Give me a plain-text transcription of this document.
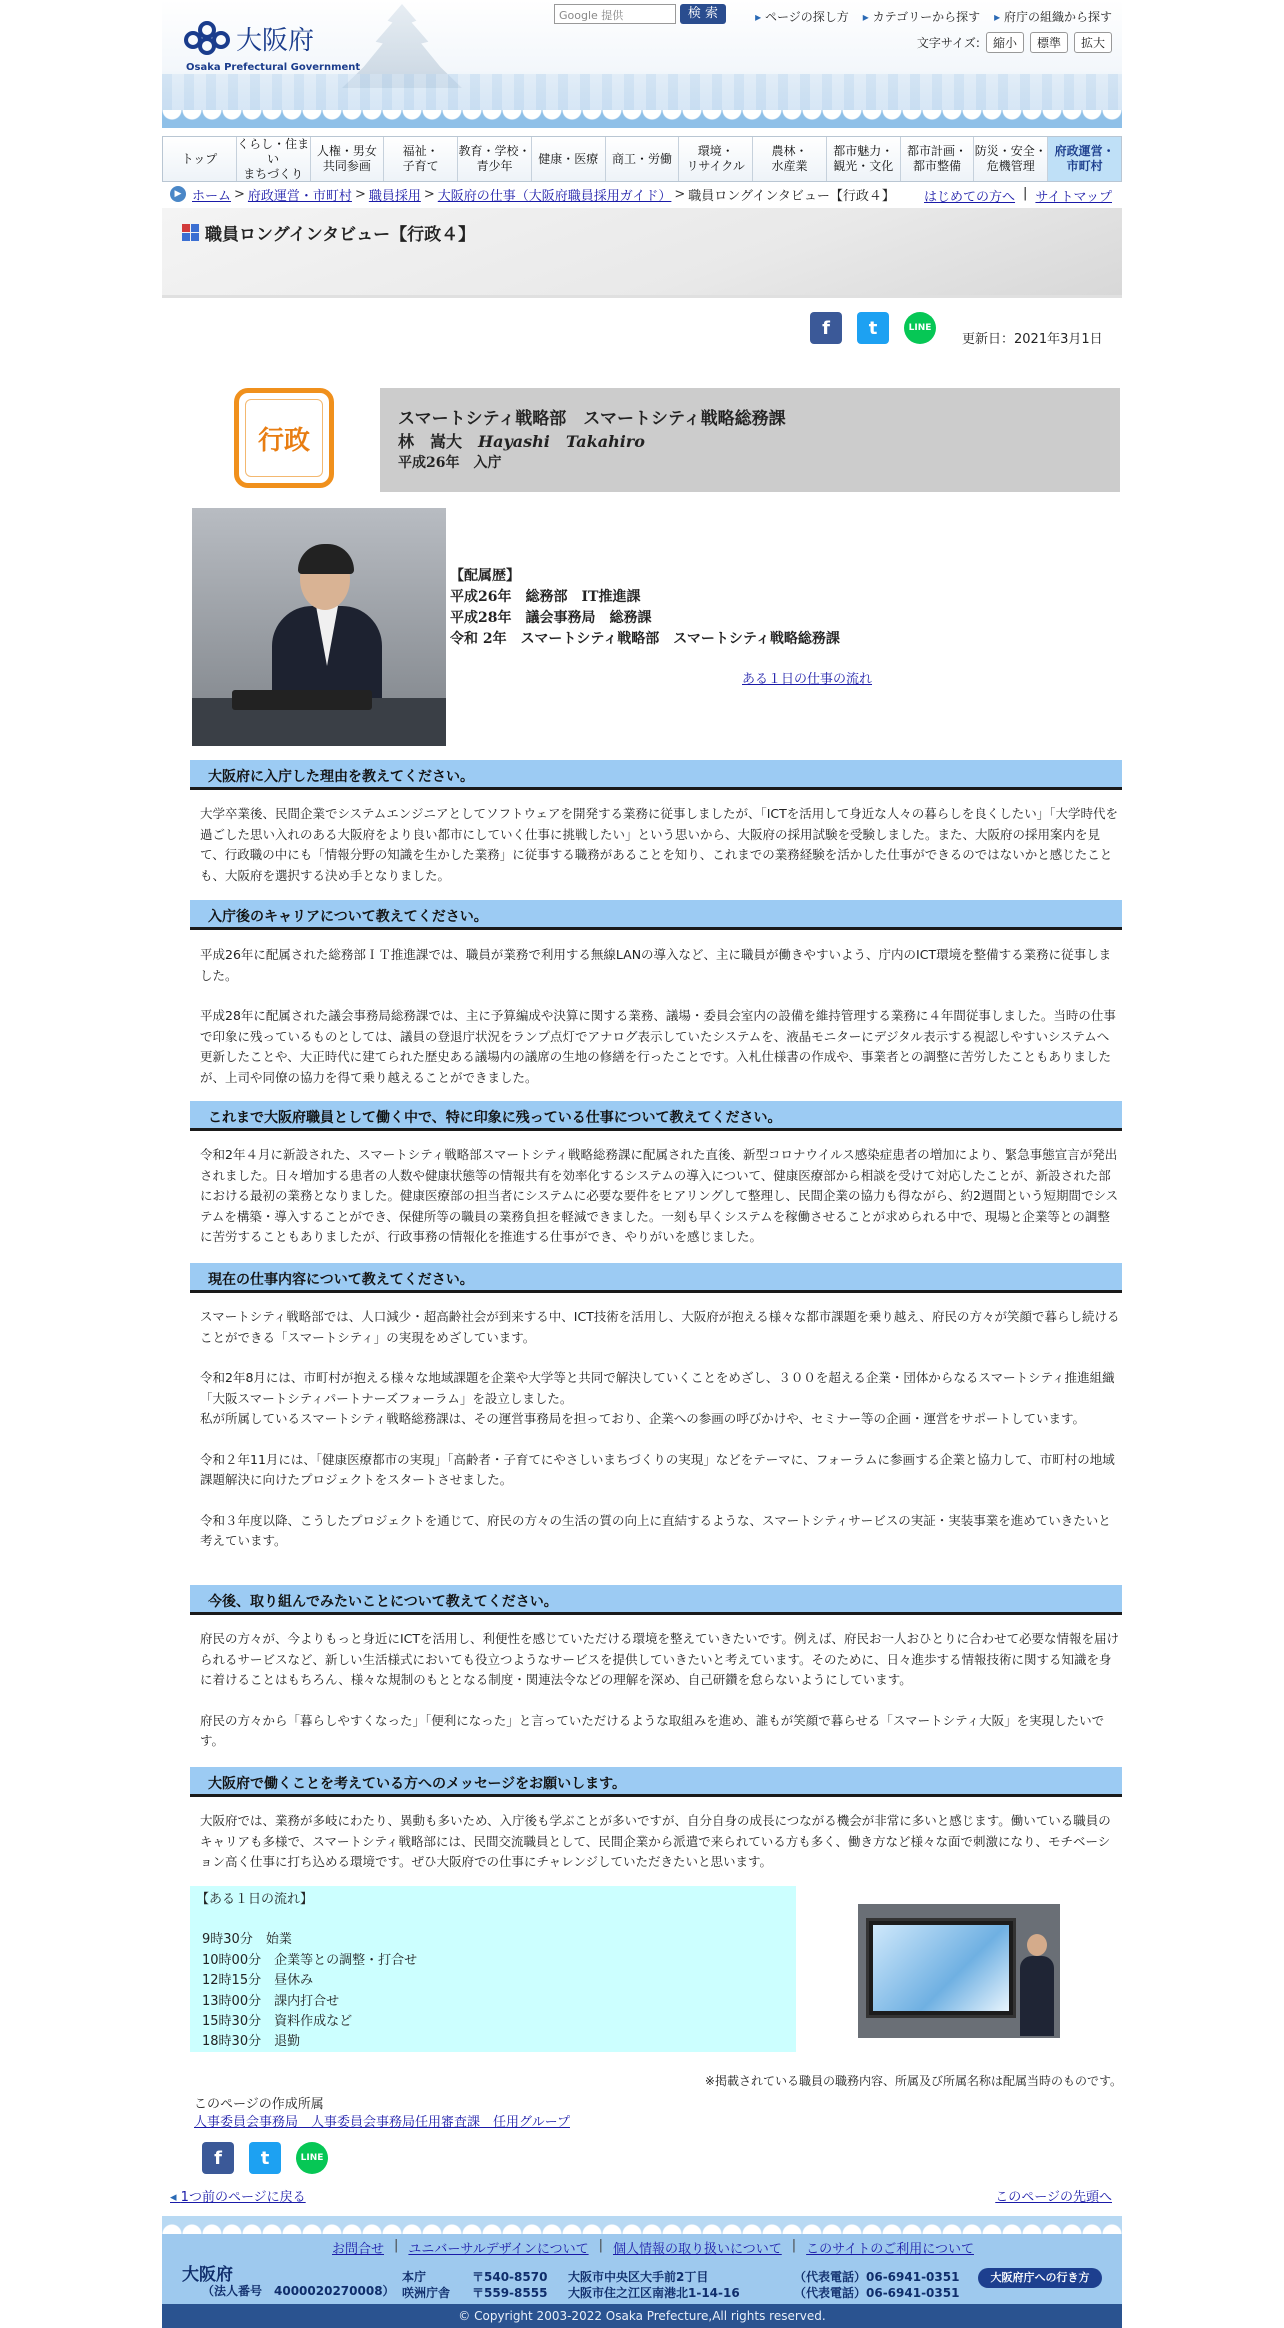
大阪府
Osaka Prefectural Government
Google 提供	検 索	▸ ページの探し方	▸ カテゴリーから探す	▸ 府庁の組織から探す
文字サイズ:	縮小	標準	拡大
トップ
くらし・住まい
まちづくり
人権・男女
共同参画
福祉・
子育て
教育・学校・
青少年
健康・医療	商工・労働
環境・
リサイクル
農林・
水産業
都市魅力・
観光・文化
都市計画・
都市整備
防災・安全・
危機管理
府政運営・
市町村
▶ ホーム > 府政運営・市町村 > 職員採用 > 大阪府の仕事（大阪府職員採用ガイド） > 職員ロングインタビュー【行政４】 はじめての方へ | サイトマップ
職員ロングインタビュー【行政４】
f	t	LINE
更新日：2021年3月1日
行政
スマートシティ戦略部　スマートシティ戦略総務課
林　嵩大 Hayashi　Takahiro
平成26年　入庁
【配属歴】
平成26年　総務部　IT推進課
平成28年　議会事務局　総務課
令和 2年　スマートシティ戦略部　スマートシティ戦略総務課
ある１日の仕事の流れ
大阪府に入庁した理由を教えてください。

大学卒業後、民間企業でシステムエンジニアとしてソフトウェアを開発する業務に従事しましたが、「ICTを活用して身近な人々の暮らしを良くしたい」「大学時代を過ごした思い入れのある大阪府をより良い都市にしていく仕事に挑戦したい」という思いから、大阪府の採用試験を受験しました。また、大阪府の採用案内を見て、行政職の中にも「情報分野の知識を生かした業務」に従事する職務があることを知り、これまでの業務経験を活かした仕事ができるのではないかと感じたことも、大阪府を選択する決め手となりました。

入庁後のキャリアについて教えてください。

平成26年に配属された総務部ＩＴ推進課では、職員が業務で利用する無線LANの導入など、主に職員が働きやすいよう、庁内のICT環境を整備する業務に従事しました。

平成28年に配属された議会事務局総務課では、主に予算編成や決算に関する業務、議場・委員会室内の設備を維持管理する業務に４年間従事しました。当時の仕事で印象に残っているものとしては、議員の登退庁状況をランプ点灯でアナログ表示していたシステムを、液晶モニターにデジタル表示する視認しやすいシステムへ更新したことや、大正時代に建てられた歴史ある議場内の議席の生地の修繕を行ったことです。入札仕様書の作成や、事業者との調整に苦労したこともありましたが、上司や同僚の協力を得て乗り越えることができました。

これまで大阪府職員として働く中で、特に印象に残っている仕事について教えてください。

令和2年４月に新設された、スマートシティ戦略部スマートシティ戦略総務課に配属された直後、新型コロナウイルス感染症患者の増加により、緊急事態宣言が発出されました。日々増加する患者の人数や健康状態等の情報共有を効率化するシステムの導入について、健康医療部から相談を受けて対応したことが、新設された部における最初の業務となりました。健康医療部の担当者にシステムに必要な要件をヒアリングして整理し、民間企業の協力も得ながら、約2週間という短期間でシステムを構築・導入することができ、保健所等の職員の業務負担を軽減できました。一刻も早くシステムを稼働させることが求められる中で、現場と企業等との調整に苦労することもありましたが、行政事務の情報化を推進する仕事ができ、やりがいを感じました。

現在の仕事内容について教えてください。

スマートシティ戦略部では、人口減少・超高齢社会が到来する中、ICT技術を活用し、大阪府が抱える様々な都市課題を乗り越え、府民の方々が笑顔で暮らし続けることができる「スマートシティ」の実現をめざしています。

令和2年8月には、市町村が抱える様々な地域課題を企業や大学等と共同で解決していくことをめざし、３００を超える企業・団体からなるスマートシティ推進組織「大阪スマートシティパートナーズフォーラム」を設立しました。
私が所属しているスマートシティ戦略総務課は、その運営事務局を担っており、企業への参画の呼びかけや、セミナー等の企画・運営をサポートしています。

令和２年11月には、「健康医療都市の実現」「高齢者・子育てにやさしいまちづくりの実現」などをテーマに、フォーラムに参画する企業と協力して、市町村の地域課題解決に向けたプロジェクトをスタートさせました。

令和３年度以降、こうしたプロジェクトを通じて、府民の方々の生活の質の向上に直結するような、スマートシティサービスの実証・実装事業を進めていきたいと考えています。

今後、取り組んでみたいことについて教えてください。

府民の方々が、今よりもっと身近にICTを活用し、利便性を感じていただける環境を整えていきたいです。例えば、府民お一人おひとりに合わせて必要な情報を届けられるサービスなど、新しい生活様式においても役立つようなサービスを提供していきたいと考えています。そのために、日々進歩する情報技術に関する知識を身に着けることはもちろん、様々な規制のもととなる制度・関連法令などの理解を深め、自己研鑽を怠らないようにしています。

府民の方々から「暮らしやすくなった」「便利になった」と言っていただけるような取組みを進め、誰もが笑顔で暮らせる「スマートシティ大阪」を実現したいです。

大阪府で働くことを考えている方へのメッセージをお願いします。

大阪府では、業務が多岐にわたり、異動も多いため、入庁後も学ぶことが多いですが、自分自身の成長につながる機会が非常に多いと感じます。働いている職員のキャリアも多様で、スマートシティ戦略部には、民間交流職員として、民間企業から派遣で来られている方も多く、働き方など様々な面で刺激になり、モチベーション高く仕事に打ち込める環境です。ぜひ大阪府での仕事にチャレンジしていただきたいと思います。

【ある１日の流れ】
9時30分　始業
10時00分　企業等との調整・打合せ
12時15分　昼休み
13時00分　課内打合せ
15時30分　資料作成など
18時30分　退勤
※掲載されている職員の職務内容、所属及び所属名称は配属当時のものです。
このページの作成所属
人事委員会事務局　人事委員会事務局任用審査課　任用グループ
f	t	LINE
◂ 1つ前のページに戻る	このページの先頭へ
お問合せ | ユニバーサルデザインについて | 個人情報の取り扱いについて | このサイトのご利用について
大阪府
（法人番号　4000020270008）
本庁	〒540-8570	大阪市中央区大手前2丁目	（代表電話）06-6941-0351
咲洲庁舎	〒559-8555	大阪市住之江区南港北1-14-16	（代表電話）06-6941-0351
大阪府庁への行き方
© Copyright 2003-2022 Osaka Prefecture,All rights reserved.
